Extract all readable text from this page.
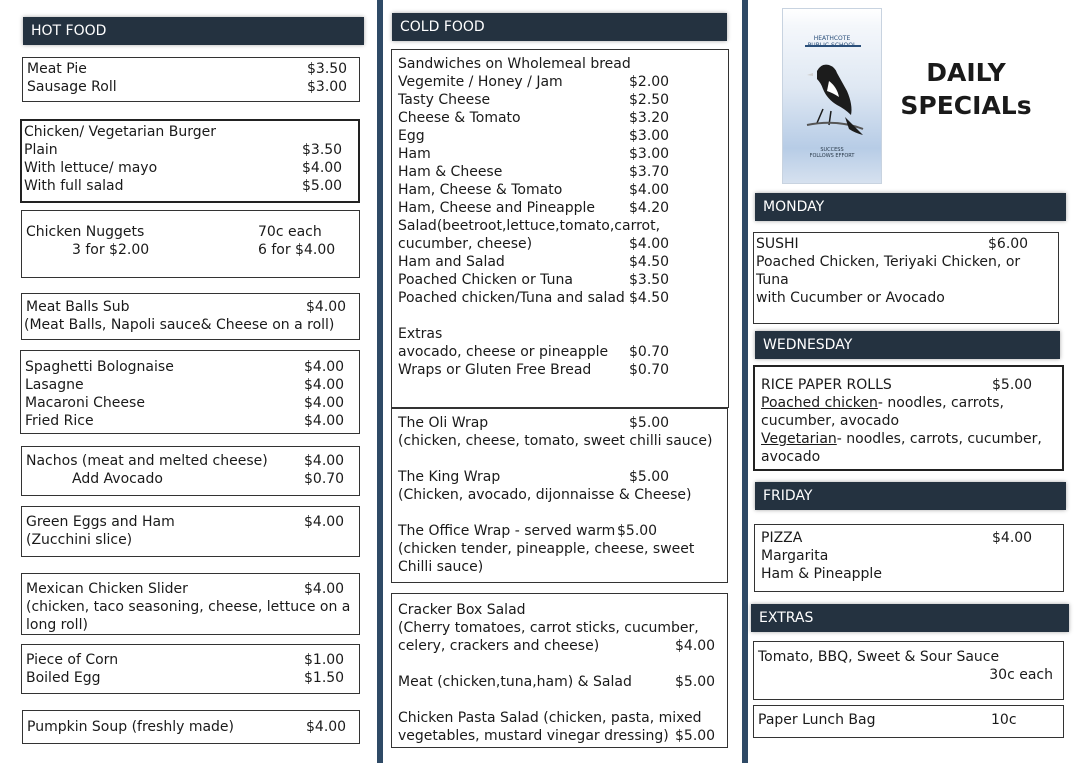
HOT FOOD
Meat Pie	$3.50
Sausage Roll	$3.00
Chicken/ Vegetarian Burger
Plain	$3.50
With lettuce/ mayo	$4.00
With full salad	$5.00
Chicken Nuggets	70c each
3 for $2.00	6 for $4.00
Meat Balls Sub	$4.00
(Meat Balls, Napoli sauce& Cheese on a roll)
Spaghetti Bolognaise	$4.00
Lasagne	$4.00
Macaroni Cheese	$4.00
Fried Rice	$4.00
Nachos (meat and melted cheese)	$4.00
Add Avocado	$0.70
Green Eggs and Ham	$4.00
(Zucchini slice)
Mexican Chicken Slider	$4.00
(chicken, taco seasoning, cheese, lettuce on a long roll)
Piece of Corn	$1.00
Boiled Egg	$1.50
Pumpkin Soup (freshly made)	$4.00
COLD FOOD
Sandwiches on Wholemeal bread
Vegemite / Honey / Jam	$2.00
Tasty Cheese	$2.50
Cheese & Tomato	$3.20
Egg	$3.00
Ham	$3.00
Ham & Cheese	$3.70
Ham, Cheese & Tomato	$4.00
Ham, Cheese and Pineapple $4.20
Salad(beetroot,lettuce,tomato,carrot,
cucumber, cheese)	$4.00
Ham and Salad	$4.50
Poached Chicken or Tuna	$3.50
Poached chicken/Tuna and salad $4.50
Extras
avocado, cheese or pineapple $0.70
Wraps or Gluten Free Bread	$0.70
The Oli Wrap	$5.00
(chicken, cheese, tomato, sweet chilli sauce)
The King Wrap	$5.00
(Chicken, avocado, dijonnaisse & Cheese)
The Office Wrap - served warm $5.00
(chicken tender, pineapple, cheese, sweet Chilli sauce)
Cracker Box Salad
(Cherry tomatoes, carrot sticks, cucumber,
celery, crackers and cheese)	$4.00
Meat (chicken,tuna,ham) & Salad	$5.00
Chicken Pasta Salad (chicken, pasta, mixed
vegetables, mustard vinegar dressing) $5.00
HEATHCOTE
SUCCESS
FOLLOWS EFFORT
DAILY
SPECIALs
MONDAY
SUSHI	$6.00
Poached Chicken, Teriyaki Chicken, or Tuna
with Cucumber or Avocado
WEDNESDAY
RICE PAPER ROLLS	$5.00
Poached chicken- noodles, carrots, cucumber, avocado
Vegetarian- noodles, carrots, cucumber, avocado
FRIDAY
PIZZA	$4.00
Margarita
Ham & Pineapple
EXTRAS
Tomato, BBQ, Sweet & Sour Sauce
30c each
Paper Lunch Bag	10c
